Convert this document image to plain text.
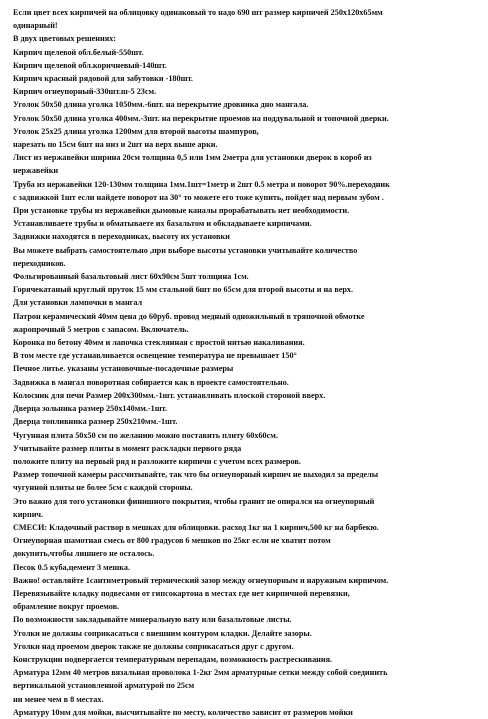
Если цвет всех кирпичей на облицовку одинаковый то надо 690 шт размер кирпичей 250х120х65мм
одинарный!
В двух цветовых решениях:
Кирпич щелевой обл.белый-550шт.
Кирпич щелевой обл.коричневый-140шт.
Кирпич красный рядовой для забутовки -180шт.
Кирпич огнеупорный-330шт.ш-5 23см.
Уголок 50х50 длина уголка 1050мм.-6шт. на перекрытие дровника дно мангала.
Уголок 50х50 длина уголка 400мм.-3шт. на перекрытие проемов на поддувальной и топочной дверки.
Уголок 25х25 длина уголка 1200мм для второй высоты шампуров,
нарезать по 15см 6шт на низ и 2шт на верх выше арки.
Лист из нержавейки ширина 20см толщина 0,5 или 1мм 2метра для установки дверок в короб из
нержавейки
Труба из нержавейки 120-130мм толщина 1мм.1шт=1метр и 2шт 0.5 метра и поворот 90%.переходник
с задвижкой 1шт если найдете поворот на 30° то можете его тоже купить, пойдет над первым зубом .
При установке трубы из нержавейки дымовые каналы прорабатывать нет необходимости.
Устанавливаете трубы и обматываете их базальтом и обкладываете кирпичами.
Задвижки находятся в переходниках, высоту их установки
Вы можете выбрать самостоятельно ,при выборе высоты установки учитывайте количество
переходников.
Фольгированный базальтовый лист 60х90см 5шт толщина 1см.
Горячекатаный круглый пруток 15 мм стальной 6шт по 65см для второй высоты и на верх.
Для установки лампочки в мангал
Патрон керамический 40мм цена до 60руб. провод медный одножильный в тряпочной обмотке
жаропрочный 5 метров с запасом. Включатель.
Коронка по бетону 40мм и лапочка стеклянная с простой нитью накаливания.
В том месте где устанавливается освещение температура не превышает 150°
Печное литье. указаны установочные-посадочные размеры
Задвижка в мангал поворотная собирается как в проекте самостоятельно.
Колосник для печи Размер 200х300мм.-1шт. устанавливать плоской стороной вверх.
Дверца зольника размер 250х140мм.-1шт.
Дверца топливника размер 250х210мм.-1шт.
Чугунная плита 50х50 см по желанию можно поставить плиту 60х60см.
Учитывайте размер плиты в момент раскладки первого ряда
положите плиту на первый ряд и разложите кирпичи с учетом всех размеров.
Размер топочной камеры рассчитывайте, так что бы огнеупорный кирпич не выходил за пределы
чугунной плиты не более 5см с каждой стороны.
Это важно для того установки финишного покрытия, чтобы гранит не опирался на огнеупорный
кирпич.
СМЕСИ: Кладочный раствор в мешках для облицовки. расход 1кг на 1 кирпич,500 кг на барбекю.
Огнеупорная шамотная смесь от 800 градусов 6 мешков по 25кг если не хватит потом
докупить,чтобы лишнего не осталось.
Песок 0.5 куба,цемент 3 мешка.
Важно! оставляйте 1сантиметровый термический зазор между огнеупорным и наружным кирпичом.
Перевязывайте кладку подвесами от гипсокартона в местах где нет кирпичной перевязки,
обрамление вокруг проемов.
По возможности закладывайте минеральную вату или базальтовые листы.
Уголки не должны соприкасаться с внешним контуром кладки. Делайте зазоры.
Уголки над проемом дверок также не должны соприкасаться друг с другом.
Конструкции подвергается температурным перепадам, возможность растрескивания.
Арматура 12мм 40 метров вязальная проволока 1-2кг 2мм арматурные сетки между собой соединить
вертикальной установленной арматурой по 25см
ни менее чем в 8 местах.
Арматуру 10мм для мойки, высчитывайте по месту, количество зависит от размеров мойки
